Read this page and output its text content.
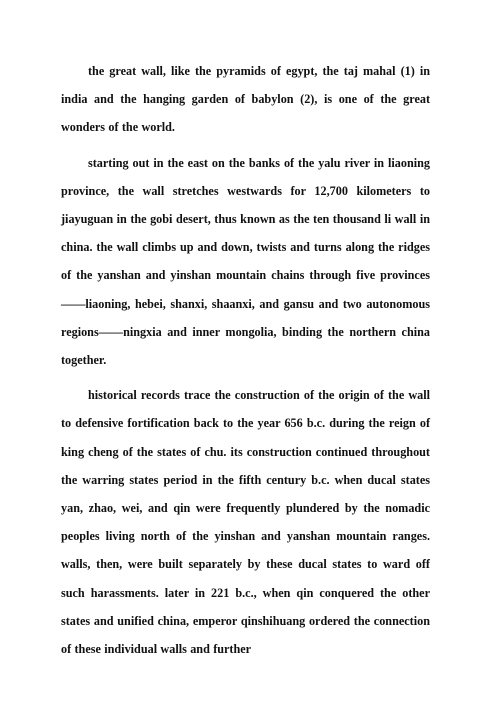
the great wall, like the pyramids of egypt, the taj mahal (1) in india and the hanging garden of babylon (2), is one of the great wonders of the world.

starting out in the east on the banks of the yalu river in liaoning province, the wall stretches westwards for 12,700 kilometers to jiayuguan in the gobi desert, thus known as the ten thousand li wall in china. the wall climbs up and down, twists and turns along the ridges of the yanshan and yinshan mountain chains through five provinces——liaoning, hebei, shanxi, shaanxi, and gansu and two autonomous regions——ningxia and inner mongolia, binding the northern china together.

historical records trace the construction of the origin of the wall to defensive fortification back to the year 656 b.c. during the reign of king cheng of the states of chu. its construction continued throughout the warring states period in the fifth century b.c. when ducal states yan, zhao, wei, and qin were frequently plundered by the nomadic peoples living north of the yinshan and yanshan mountain ranges. walls, then, were built separately by these ducal states to ward off such harassments. later in 221 b.c., when qin conquered the other states and unified china, emperor qinshihuang ordered the connection of these individual walls and further
